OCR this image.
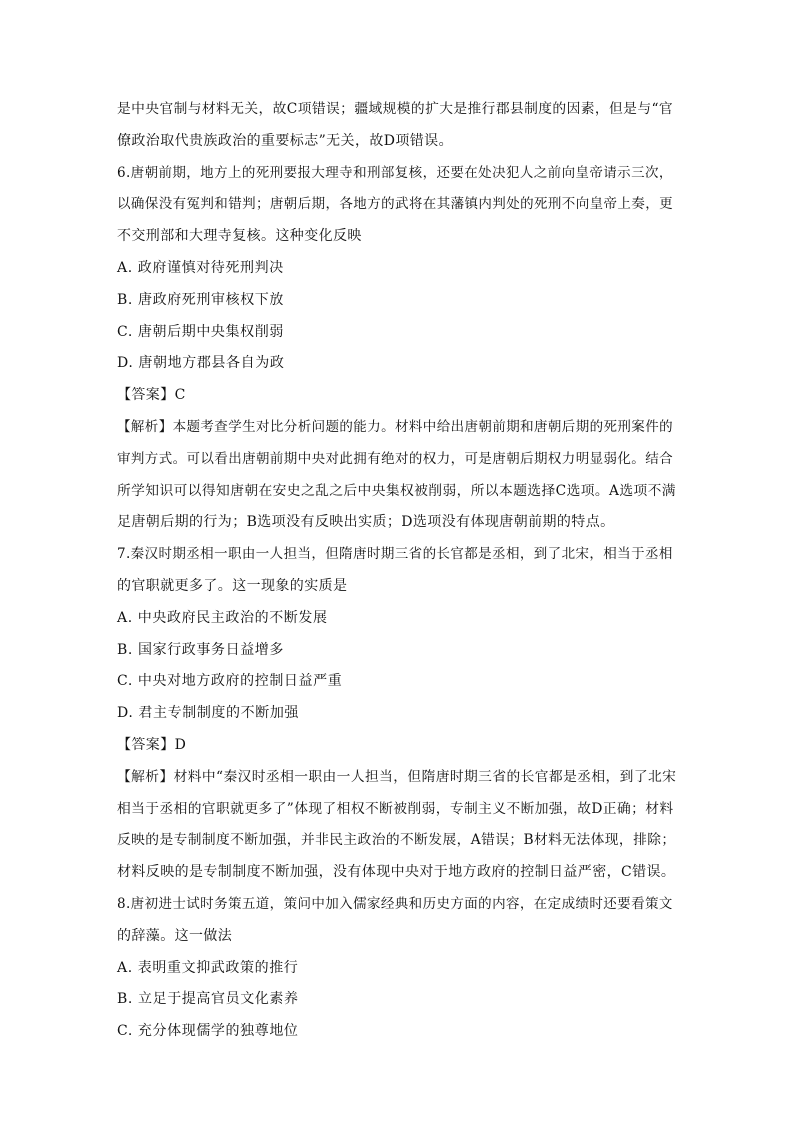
是中央官制与材料无关，故C项错误；疆域规模的扩大是推行郡县制度的因素，但是与“官
僚政治取代贵族政治的重要标志”无关，故D项错误。
6.唐朝前期，地方上的死刑要报大理寺和刑部复核，还要在处决犯人之前向皇帝请示三次，
以确保没有冤判和错判；唐朝后期，各地方的武将在其藩镇内判处的死刑不向皇帝上奏，更
不交刑部和大理寺复核。这种变化反映
A. 政府谨慎对待死刑判决
B. 唐政府死刑审核权下放
C. 唐朝后期中央集权削弱
D. 唐朝地方郡县各自为政
【答案】C
【解析】本题考查学生对比分析问题的能力。材料中给出唐朝前期和唐朝后期的死刑案件的
审判方式。可以看出唐朝前期中央对此拥有绝对的权力，可是唐朝后期权力明显弱化。结合
所学知识可以得知唐朝在安史之乱之后中央集权被削弱，所以本题选择C选项。A选项不满
足唐朝后期的行为；B选项没有反映出实质；D选项没有体现唐朝前期的特点。
7.秦汉时期丞相一职由一人担当，但隋唐时期三省的长官都是丞相，到了北宋，相当于丞相
的官职就更多了。这一现象的实质是
A. 中央政府民主政治的不断发展
B. 国家行政事务日益增多
C. 中央对地方政府的控制日益严重
D. 君主专制制度的不断加强
【答案】D
【解析】材料中“秦汉时丞相一职由一人担当，但隋唐时期三省的长官都是丞相，到了北宋
相当于丞相的官职就更多了”体现了相权不断被削弱，专制主义不断加强，故D正确；材料
反映的是专制制度不断加强，并非民主政治的不断发展，A错误；B材料无法体现，排除；
材料反映的是专制制度不断加强，没有体现中央对于地方政府的控制日益严密，C错误。
8.唐初进士试时务策五道，策问中加入儒家经典和历史方面的内容，在定成绩时还要看策文
的辞藻。这一做法
A. 表明重文抑武政策的推行
B. 立足于提高官员文化素养
C. 充分体现儒学的独尊地位
